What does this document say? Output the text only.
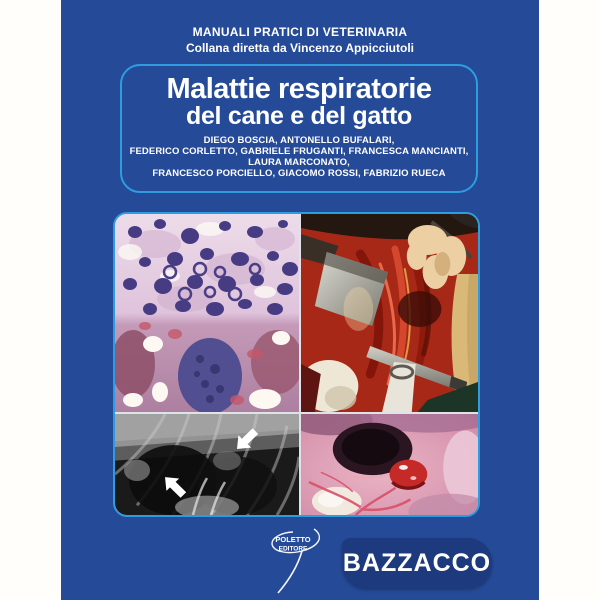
MANUALI PRATICI DI VETERINARIA
Collana diretta da Vincenzo Appicciutoli
Malattie respiratorie
del cane e del gatto
DIEGO BOSCIA, ANTONELLO BUFALARI,
FEDERICO CORLETTO, GABRIELE FRUGANTI, FRANCESCA MANCIANTI,
LAURA MARCONATO,
FRANCESCO PORCIELLO, GIACOMO ROSSI, FABRIZIO RUECA
POLETTO
EDITORE BAZZACCO
